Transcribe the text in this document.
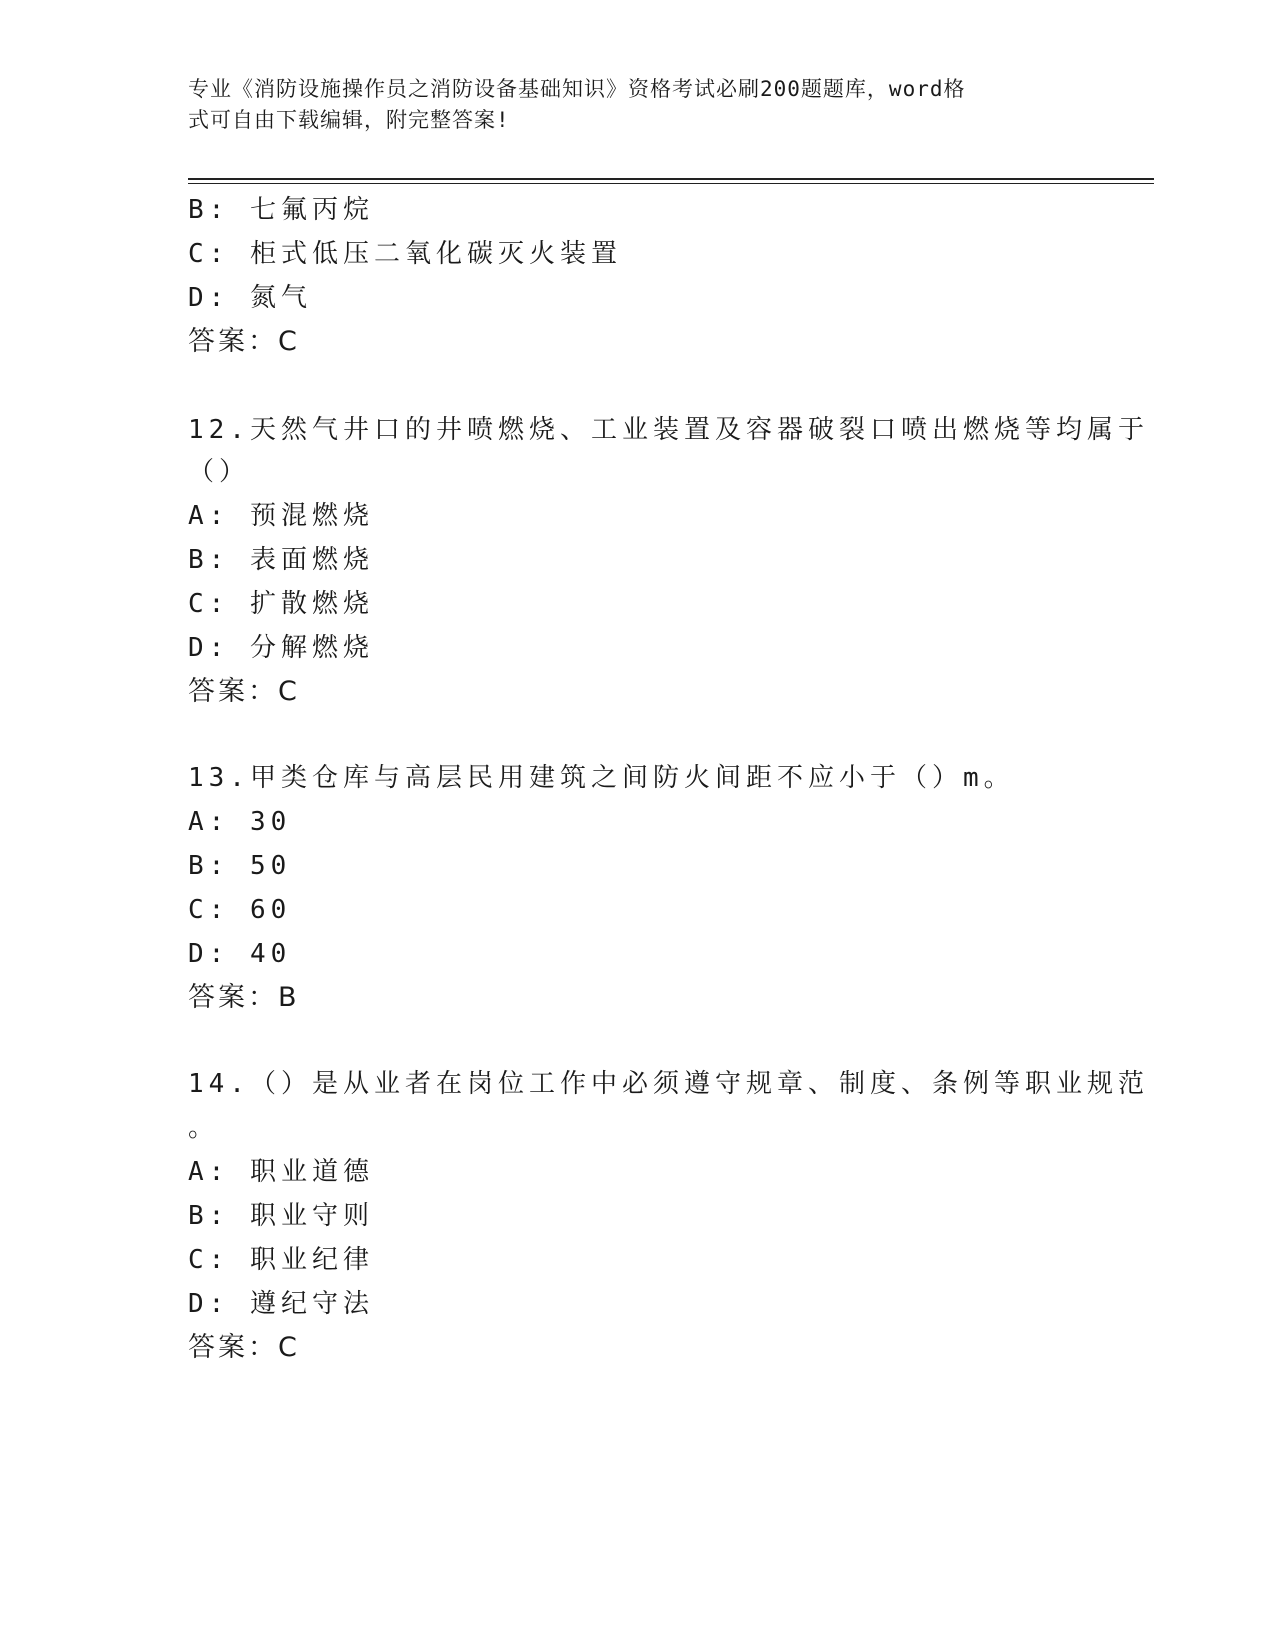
专业《消防设施操作员之消防设备基础知识》资格考试必刷200题题库，word格
式可自由下载编辑，附完整答案!
B: 七氟丙烷
C: 柜式低压二氧化碳灭火装置
D: 氮气
答案：C
12.天然气井口的井喷燃烧、工业装置及容器破裂口喷出燃烧等均属于
（）
A: 预混燃烧
B: 表面燃烧
C: 扩散燃烧
D: 分解燃烧
答案：C
13.甲类仓库与高层民用建筑之间防火间距不应小于（）m。
A: 30
B: 50
C: 60
D: 40
答案：B
14.（）是从业者在岗位工作中必须遵守规章、制度、条例等职业规范
。
A: 职业道德
B: 职业守则
C: 职业纪律
D: 遵纪守法
答案：C
